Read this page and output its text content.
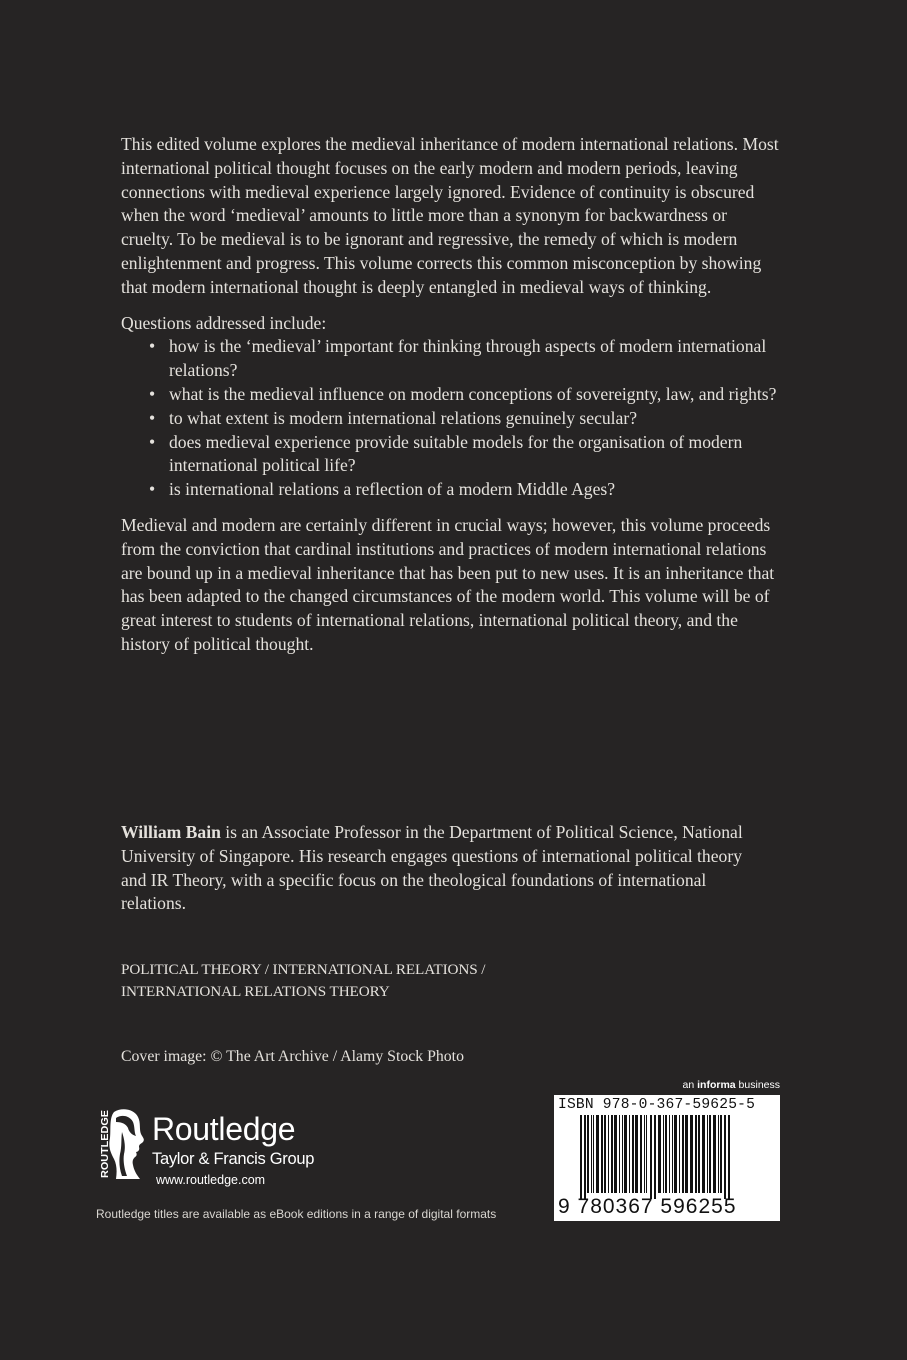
This edited volume explores the medieval inheritance of modern international relations. Most international political thought focuses on the early modern and modern periods, leaving connections with medieval experience largely ignored. Evidence of continuity is obscured when the word ‘medieval’ amounts to little more than a synonym for backwardness or cruelty. To be medieval is to be ignorant and regressive, the remedy of which is modern enlightenment and progress. This volume corrects this common misconception by showing that modern international thought is deeply entangled in medieval ways of thinking.

Questions addressed include:

• how is the ‘medieval’ important for thinking through aspects of modern international relations?
• what is the medieval influence on modern conceptions of sovereignty, law, and rights?
• to what extent is modern international relations genuinely secular?
• does medieval experience provide suitable models for the organisation of modern international political life?
• is international relations a reflection of a modern Middle Ages?

Medieval and modern are certainly different in crucial ways; however, this volume proceeds from the conviction that cardinal institutions and practices of modern international relations are bound up in a medieval inheritance that has been put to new uses. It is an inheritance that has been adapted to the changed circumstances of the modern world. This volume will be of great interest to students of international relations, international political theory, and the history of political thought.

William Bain is an Associate Professor in the Department of Political Science, National University of Singapore. His research engages questions of international political theory and IR Theory, with a specific focus on the theological foundations of international relations.

POLITICAL THEORY / INTERNATIONAL RELATIONS /
INTERNATIONAL RELATIONS THEORY
Cover image: © The Art Archive / Alamy Stock Photo
ROUTLEDGE Routledge
Taylor & Francis Group
www.routledge.com
Routledge titles are available as eBook editions in a range of digital formats
an informa business
ISBN 978-0-367-59625-5
9 780367 596255
